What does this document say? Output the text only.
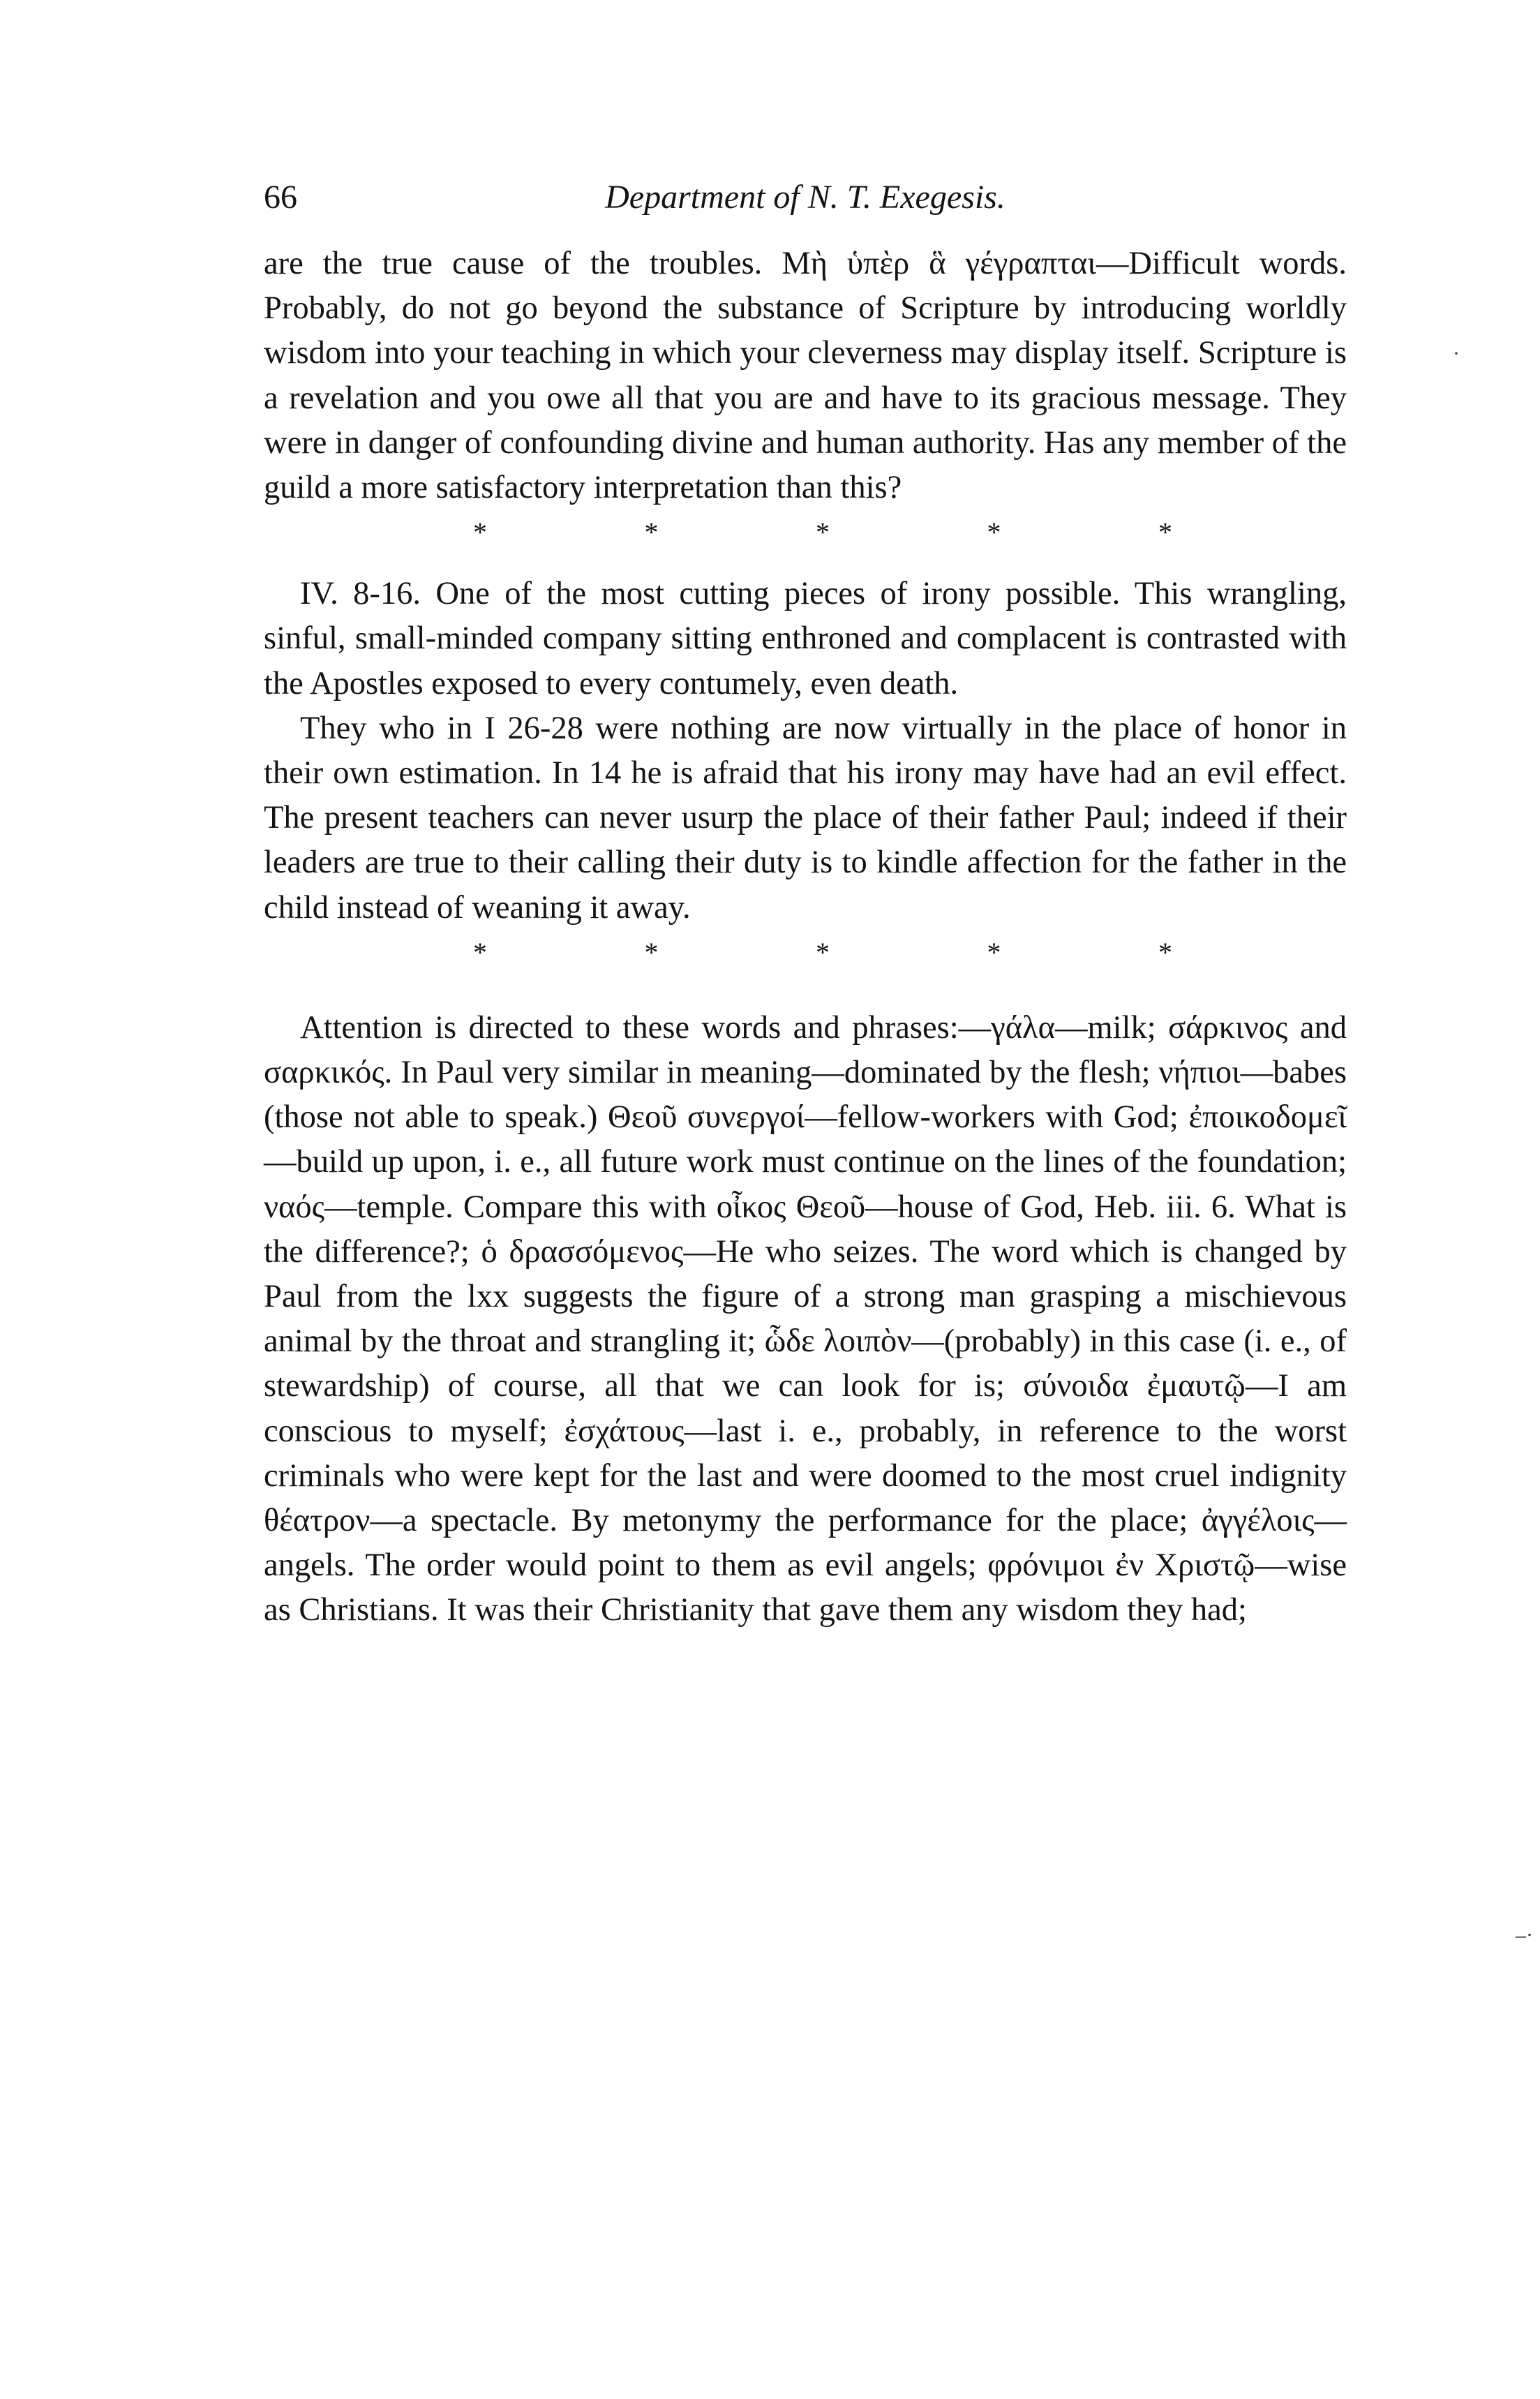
66	Department of N. T. Exegesis.

are the true cause of the troubles. Μὴ ὑπὲρ ἃ γέγραπται—Difficult words. Probably, do not go beyond the substance of Scripture by introducing worldly wisdom into your teaching in which your cleverness may display itself. Scripture is a revelation and you owe all that you are and have to its gracious message. They were in danger of confounding divine and human authority. Has any member of the guild a more satisfactory interpretation than this?

*	*	*	*	*

IV. 8-16. One of the most cutting pieces of irony possible. This wrangling, sinful, small-minded company sitting enthroned and complacent is contrasted with the Apostles exposed to every contumely, even death.

They who in I 26-28 were nothing are now virtually in the place of honor in their own estimation. In 14 he is afraid that his irony may have had an evil effect. The present teachers can never usurp the place of their father Paul; indeed if their leaders are true to their calling their duty is to kindle affection for the father in the child instead of weaning it away.

*	*	*	*	*

Attention is directed to these words and phrases:—γάλα—milk; σάρκινος and σαρκικός. In Paul very similar in meaning—dominated by the flesh; νήπιοι—babes (those not able to speak.) Θεοῦ συνεργοί—fellow-workers with God; ἐποικοδομεῖ—build up upon, i. e., all future work must continue on the lines of the foundation; ναός—temple. Compare this with οἶκος Θεοῦ—house of God, Heb. iii. 6. What is the difference?; ὁ δρασσόμενος—He who seizes. The word which is changed by Paul from the lxx suggests the figure of a strong man grasping a mischievous animal by the throat and strangling it; ὧδε λοιπὸν—(probably) in this case (i. e., of stewardship) of course, all that we can look for is; σύνοιδα ἐμαυτῷ—I am conscious to myself; ἐσχάτους—last i. e., probably, in reference to the worst criminals who were kept for the last and were doomed to the most cruel indignity θέατρον—a spectacle. By metonymy the performance for the place; ἀγγέλοις—angels. The order would point to them as evil angels; φρόνιμοι ἐν Χριστῷ—wise as Christians. It was their Christianity that gave them any wisdom they had;

·
–·
